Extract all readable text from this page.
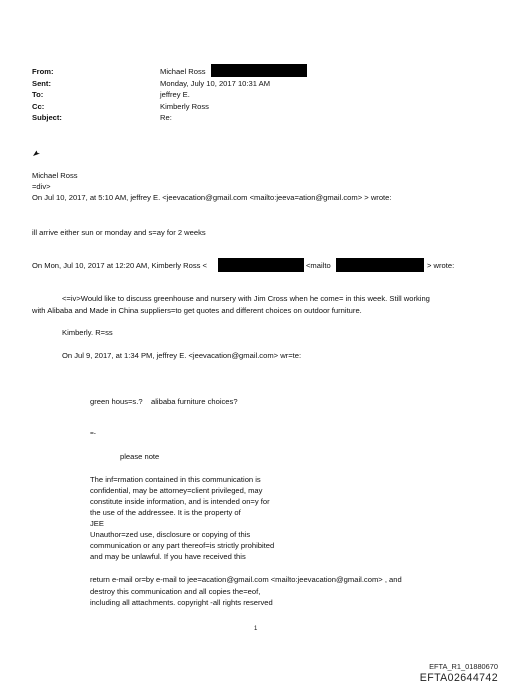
From:
Sent:
To:
Cc:
Subject:
Michael Ross
Monday, July 10, 2017 10:31 AM
jeffrey E.
Kimberly Ross
Re:
Michael Ross
=div>
On Jul 10, 2017, at 5:10 AM, jeffrey E. <jeevacation@gmail.com <mailto:jeeva=ation@gmail.com> > wrote:
ill arrive either sun or monday and s=ay for 2 weeks
On Mon, Jul 10, 2017 at 12:20 AM, Kimberly Ross <	<mailto	> wrote:
<=iv>Would like to discuss greenhouse and nursery with Jim Cross when he come= in this week. Still working
with Alibaba and Made in China suppliers=to get quotes and different choices on outdoor furniture.
Kimberly. R=ss
On Jul 9, 2017, at 1:34 PM, jeffrey E. <jeevacation@gmail.com> wr=te:
green hous=s.?    alibaba furniture choices?
=-
please note
The inf=rmation contained in this communication is
confidential, may be attorney=client privileged, may
constitute inside information, and is intended on=y for
the use of the addressee. It is the property of
JEE
Unauthor=zed use, disclosure or copying of this
communication or any part thereof=is strictly prohibited
and may be unlawful. If you have received this
return e-mail or=by e-mail to jee=acation@gmail.com <mailto:jeevacation@gmail.com> , and
destroy this communication and all copies the=eof,
including all attachments. copyright -all rights reserved
1
EFTA_R1_01880670
EFTA02644742
